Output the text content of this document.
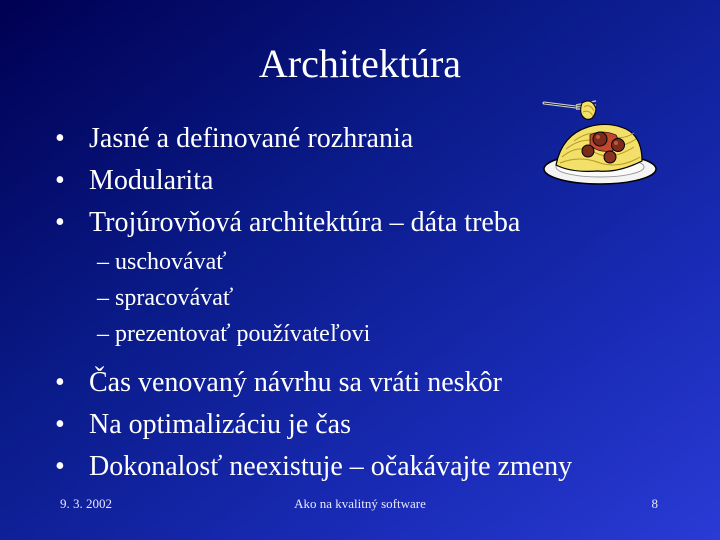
Architektúra
• Jasné a definované rozhrania
• Modularita
• Trojúrovňová architektúra – dáta treba
– uschovávať
– spracovávať
– prezentovať používateľovi
• Čas venovaný návrhu sa vráti neskôr
• Na optimalizáciu je čas
• Dokonalosť neexistuje – očakávajte zmeny
9. 3. 2002	Ako na kvalitný software	8
